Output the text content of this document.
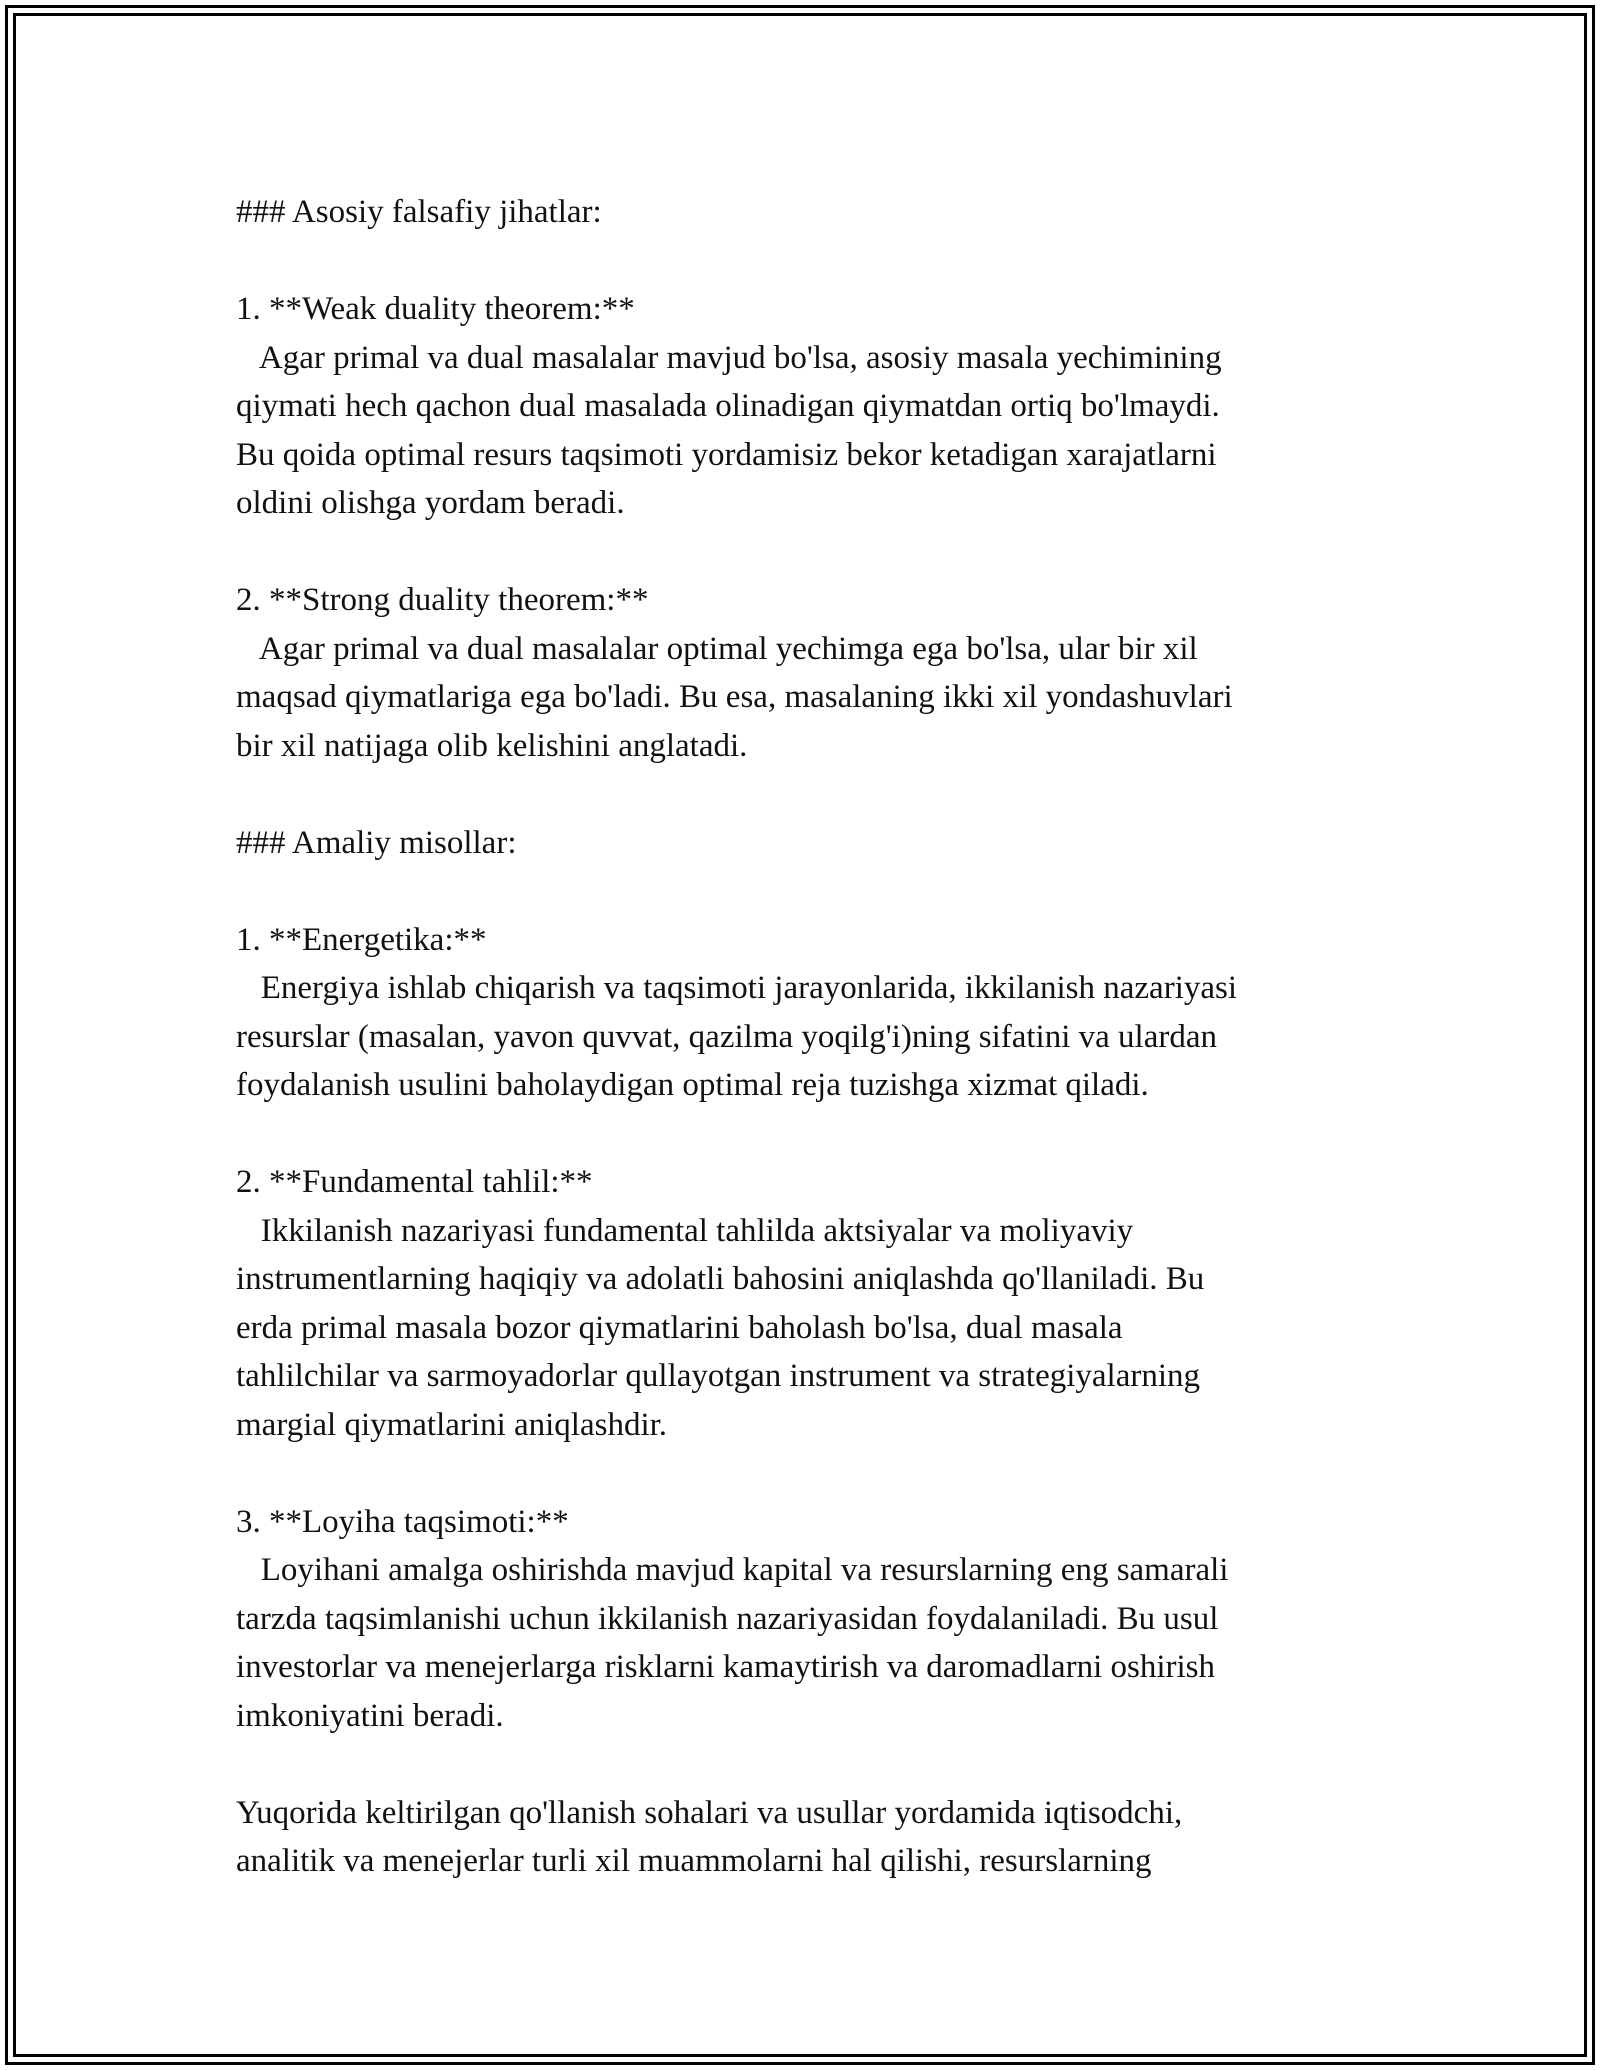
### Asosiy falsafiy jihatlar:

1. **Weak duality theorem:**

Agar primal va dual masalalar mavjud bo'lsa, asosiy masala yechimining

qiymati hech qachon dual masalada olinadigan qiymatdan ortiq bo'lmaydi.

Bu qoida optimal resurs taqsimoti yordamisiz bekor ketadigan xarajatlarni

oldini olishga yordam beradi.

2. **Strong duality theorem:**

Agar primal va dual masalalar optimal yechimga ega bo'lsa, ular bir xil

maqsad qiymatlariga ega bo'ladi. Bu esa, masalaning ikki xil yondashuvlari

bir xil natijaga olib kelishini anglatadi.

### Amaliy misollar:

1. **Energetika:**

Energiya ishlab chiqarish va taqsimoti jarayonlarida, ikkilanish nazariyasi

resurslar (masalan, yavon quvvat, qazilma yoqilg'i)ning sifatini va ulardan

foydalanish usulini baholaydigan optimal reja tuzishga xizmat qiladi.

2. **Fundamental tahlil:**

Ikkilanish nazariyasi fundamental tahlilda aktsiyalar va moliyaviy

instrumentlarning haqiqiy va adolatli bahosini aniqlashda qo'llaniladi. Bu

erda primal masala bozor qiymatlarini baholash bo'lsa, dual masala

tahlilchilar va sarmoyadorlar qullayotgan instrument va strategiyalarning

margial qiymatlarini aniqlashdir.

3. **Loyiha taqsimoti:**

Loyihani amalga oshirishda mavjud kapital va resurslarning eng samarali

tarzda taqsimlanishi uchun ikkilanish nazariyasidan foydalaniladi. Bu usul

investorlar va menejerlarga risklarni kamaytirish va daromadlarni oshirish

imkoniyatini beradi.

Yuqorida keltirilgan qo'llanish sohalari va usullar yordamida iqtisodchi,

analitik va menejerlar turli xil muammolarni hal qilishi, resurslarning
